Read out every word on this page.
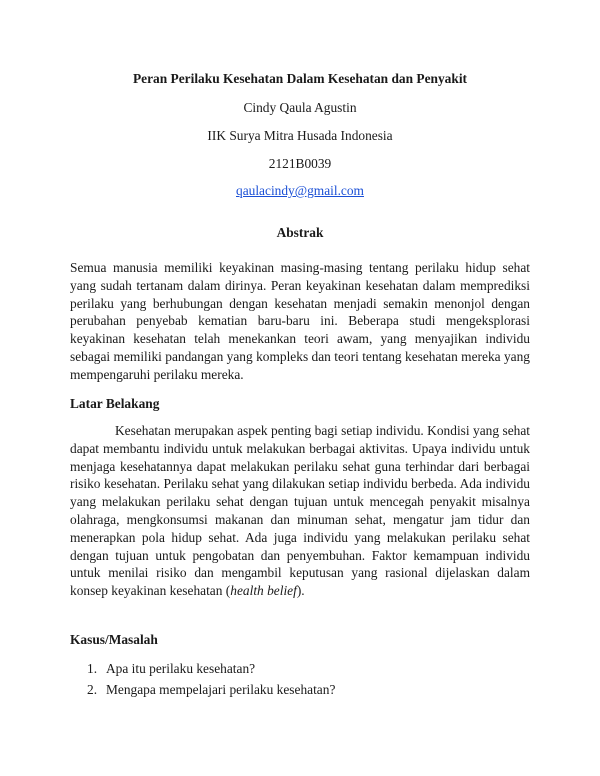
Peran Perilaku Kesehatan Dalam Kesehatan dan Penyakit

Cindy Qaula Agustin

IIK Surya Mitra Husada Indonesia

2121B0039

qaulacindy@gmail.com

Abstrak

Semua manusia memiliki keyakinan masing-masing tentang perilaku hidup sehat yang sudah tertanam dalam dirinya. Peran keyakinan kesehatan dalam memprediksi perilaku yang berhubungan dengan kesehatan menjadi semakin menonjol dengan perubahan penyebab kematian baru-baru ini. Beberapa studi mengeksplorasi keyakinan kesehatan telah menekankan teori awam, yang menyajikan individu sebagai memiliki pandangan yang kompleks dan teori tentang kesehatan mereka yang mempengaruhi perilaku mereka.

Latar Belakang

Kesehatan merupakan aspek penting bagi setiap individu. Kondisi yang sehat dapat membantu individu untuk melakukan berbagai aktivitas. Upaya individu untuk menjaga kesehatannya dapat melakukan perilaku sehat guna terhindar dari berbagai risiko kesehatan. Perilaku sehat yang dilakukan setiap individu berbeda. Ada individu yang melakukan perilaku sehat dengan tujuan untuk mencegah penyakit misalnya olahraga, mengkonsumsi makanan dan minuman sehat, mengatur jam tidur dan menerapkan pola hidup sehat. Ada juga individu yang melakukan perilaku sehat dengan tujuan untuk pengobatan dan penyembuhan. Faktor kemampuan individu untuk menilai risiko dan mengambil keputusan yang rasional dijelaskan dalam konsep keyakinan kesehatan (health belief).

Kasus/Masalah

1. Apa itu perilaku kesehatan?
2. Mengapa mempelajari perilaku kesehatan?
